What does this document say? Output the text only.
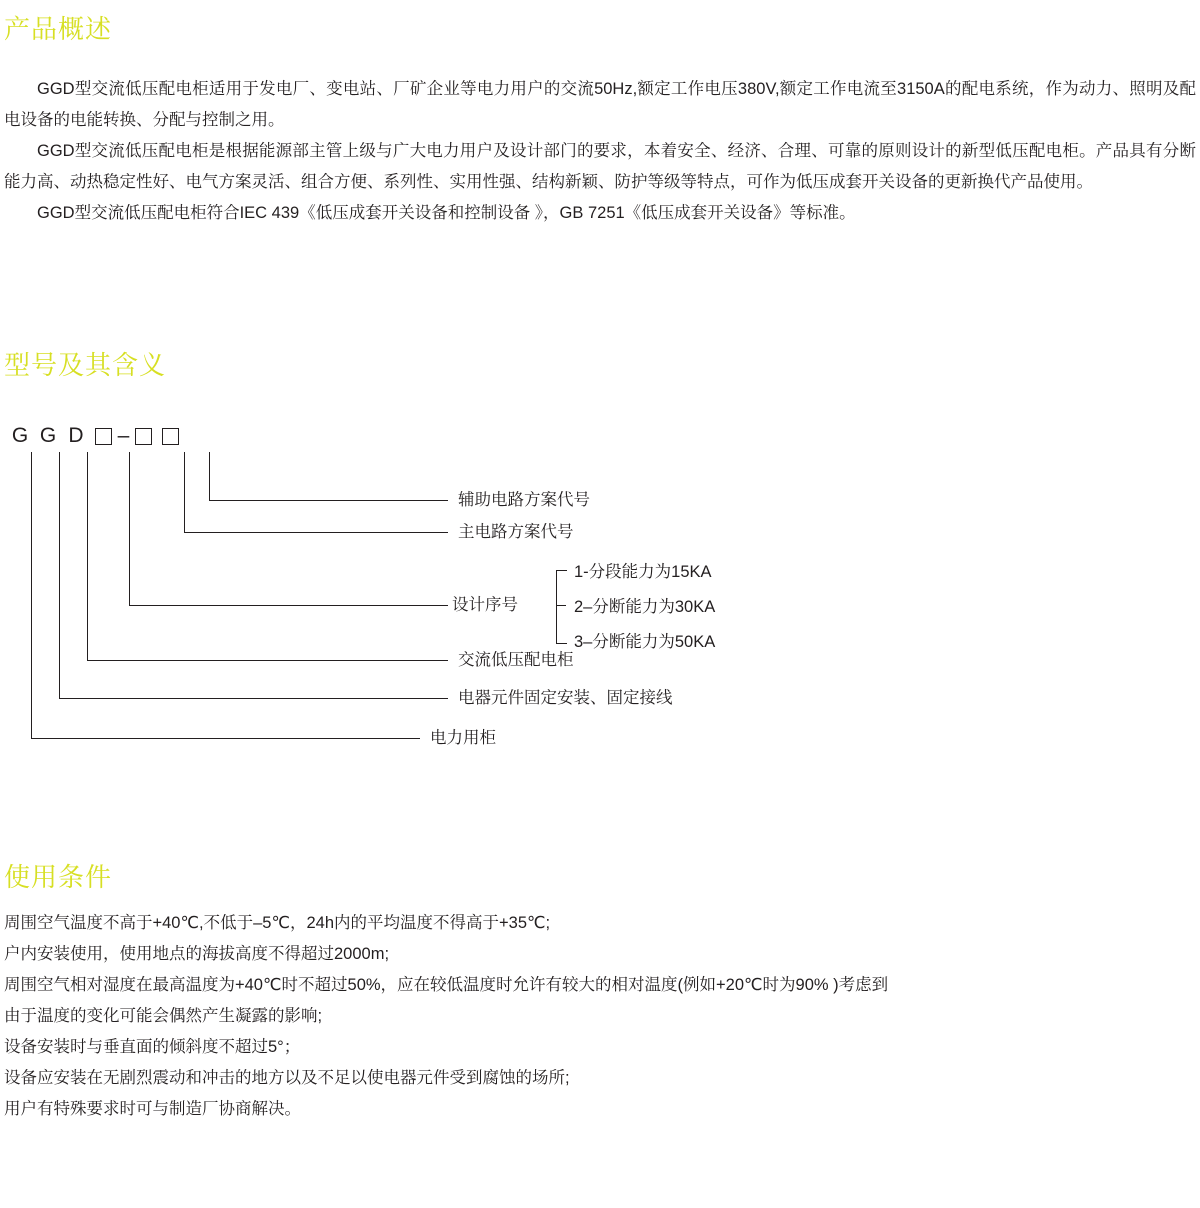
产品概述

GGD型交流低压配电柜适用于发电厂、变电站、厂矿企业等电力用户的交流50Hz,额定工作电压380V,额定工作电流至3150A的配电系统，作为动力、照明及配电设备的电能转换、分配与控制之用。

GGD型交流低压配电柜是根据能源部主管上级与广大电力用户及设计部门的要求，本着安全、经济、合理、可靠的原则设计的新型低压配电柜。产品具有分断能力高、动热稳定性好、电气方案灵活、组合方便、系列性、实用性强、结构新颖、防护等级等特点，可作为低压成套开关设备的更新换代产品使用。

GGD型交流低压配电柜符合IEC 439《低压成套开关设备和控制设备 》，GB 7251《低压成套开关设备》等标准。

型号及其含义
G G D	–
辅助电路方案代号
主电路方案代号
设计序号
1-分段能力为15KA
2–分断能力为30KA
3–分断能力为50KA
交流低压配电柜
电器元件固定安装、固定接线
电力用柜
使用条件

周围空气温度不高于+40℃,不低于–5℃，24h内的平均温度不得高于+35℃;

户内安装使用，使用地点的海拔高度不得超过2000m;

周围空气相对湿度在最高温度为+40℃时不超过50%，应在较低温度时允许有较大的相对温度(例如+20℃时为90% )考虑到

由于温度的变化可能会偶然产生凝露的影响;

设备安装时与垂直面的倾斜度不超过5°；

设备应安装在无剧烈震动和冲击的地方以及不足以使电器元件受到腐蚀的场所;

用户有特殊要求时可与制造厂协商解决。
